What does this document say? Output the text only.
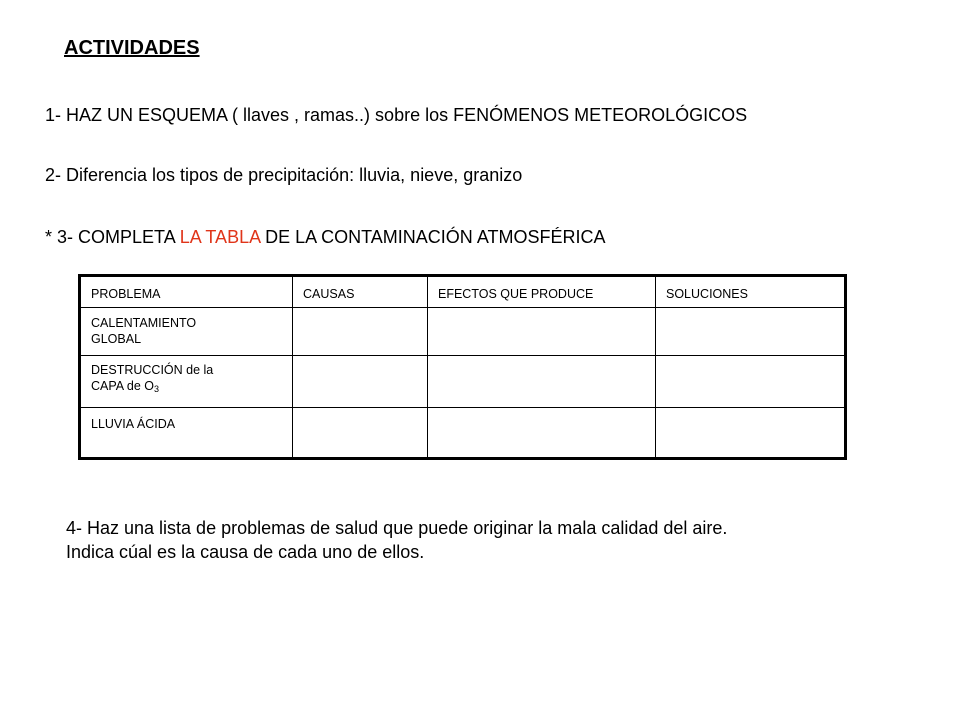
ACTIVIDADES
1- HAZ UN ESQUEMA ( llaves , ramas..) sobre los FENÓMENOS METEOROLÓGICOS
2- Diferencia los tipos de precipitación: lluvia, nieve, granizo
* 3- COMPLETA LA TABLA DE LA CONTAMINACIÓN ATMOSFÉRICA
PROBLEMA	CAUSAS	EFECTOS QUE PRODUCE	SOLUCIONES

CALENTAMIENTO
GLOBAL			

DESTRUCCIÓN de la
CAPA de $O_3$

LLUVIA ÁCIDA			

4- Haz una lista de problemas de salud que puede originar la mala calidad del aire.
Indica cúal es la causa de cada uno de ellos.
